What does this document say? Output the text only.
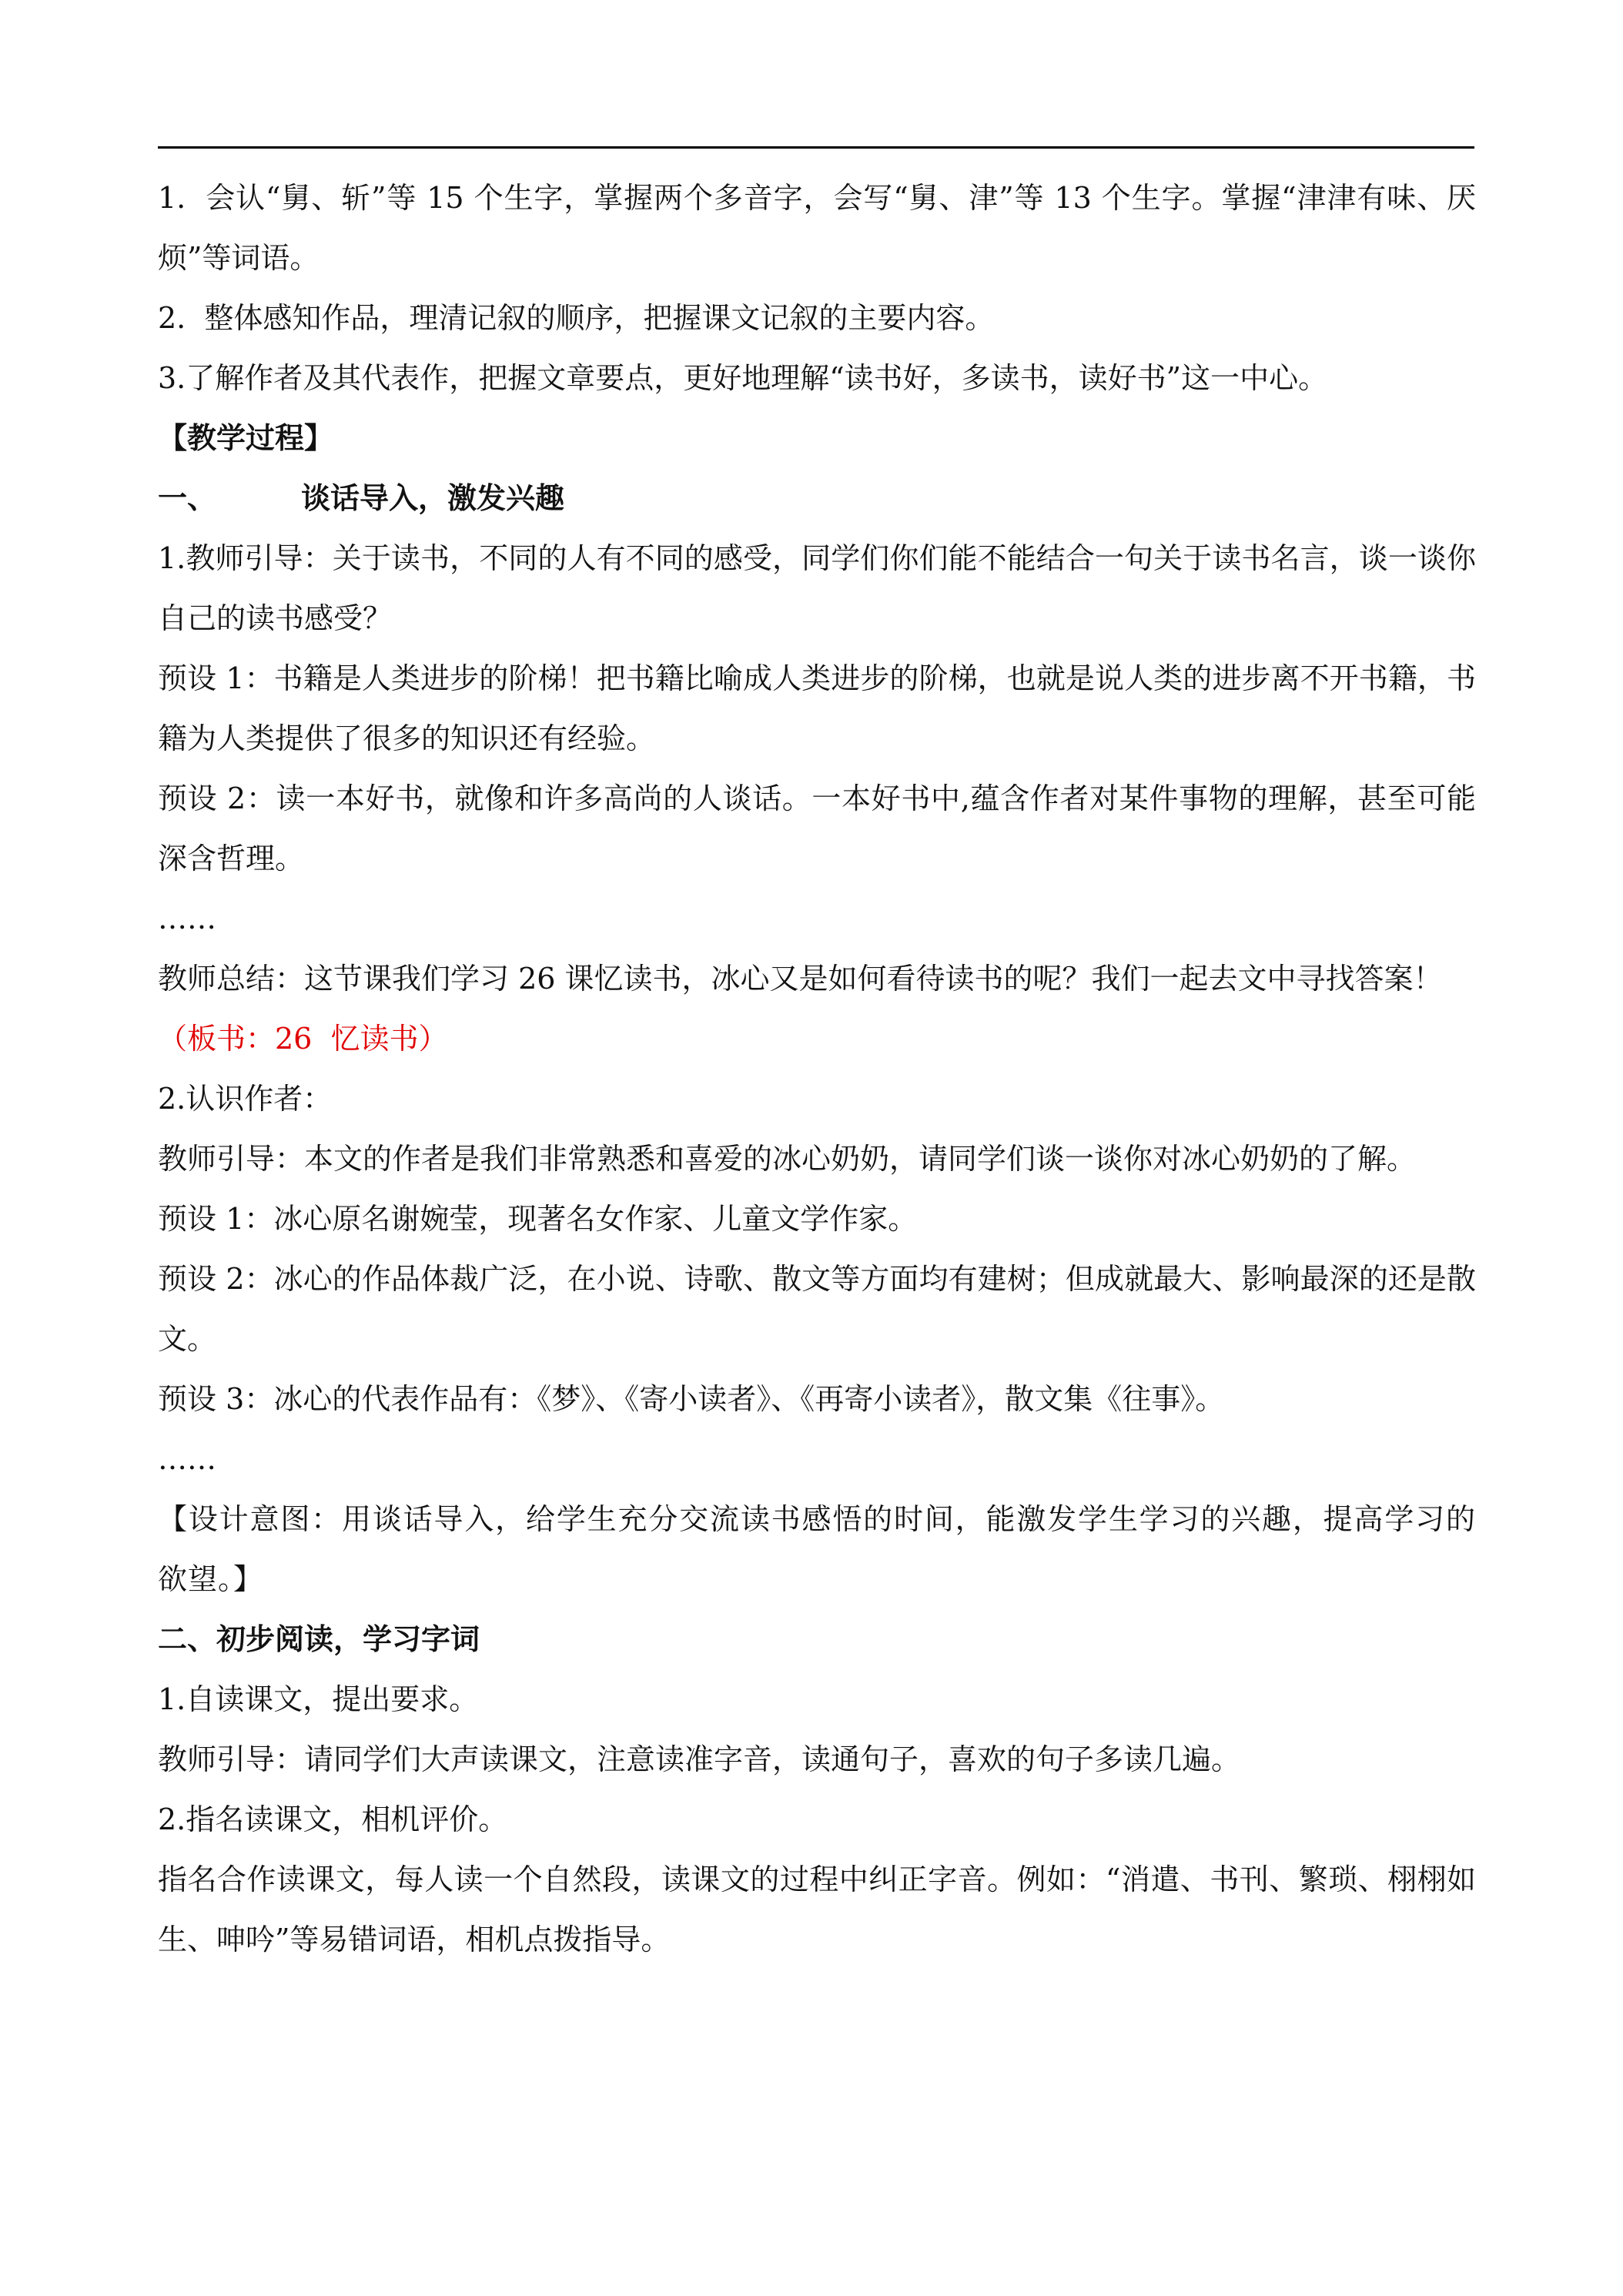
1.  会认“舅、斩”等 15 个生字，掌握两个多音字，会写“舅、津”等 13 个生字。掌握“津津有味、厌烦”等词语。

2.  整体感知作品，理清记叙的顺序，把握课文记叙的主要内容。

3.了解作者及其代表作，把握文章要点，更好地理解“读书好，多读书，读好书”这一中心。

【教学过程】

一、	谈话导入，激发兴趣

1.教师引导：关于读书，不同的人有不同的感受，同学们你们能不能结合一句关于读书名言，谈一谈你自己的读书感受？

预设 1：书籍是人类进步的阶梯！把书籍比喻成人类进步的阶梯，也就是说人类的进步离不开书籍，书籍为人类提供了很多的知识还有经验。

预设 2：读一本好书，就像和许多高尚的人谈话。一本好书中,蕴含作者对某件事物的理解，甚至可能深含哲理。

……

教师总结：这节课我们学习 26 课忆读书，冰心又是如何看待读书的呢？我们一起去文中寻找答案！

（板书：26  忆读书）

2.认识作者：

教师引导：本文的作者是我们非常熟悉和喜爱的冰心奶奶，请同学们谈一谈你对冰心奶奶的了解。

预设 1：冰心原名谢婉莹，现著名女作家、儿童文学作家。

预设 2：冰心的作品体裁广泛，在小说、诗歌、散文等方面均有建树；但成就最大、影响最深的还是散文。

预设 3：冰心的代表作品有：《梦》、《寄小读者》、《再寄小读者》，散文集《往事》。

……

【设计意图：用谈话导入，给学生充分交流读书感悟的时间，能激发学生学习的兴趣，提高学习的欲望。】

二、初步阅读，学习字词

1.自读课文，提出要求。

教师引导：请同学们大声读课文，注意读准字音，读通句子，喜欢的句子多读几遍。

2.指名读课文，相机评价。

指名合作读课文，每人读一个自然段，读课文的过程中纠正字音。例如：“消遣、书刊、繁琐、栩栩如生、呻吟”等易错词语，相机点拨指导。
